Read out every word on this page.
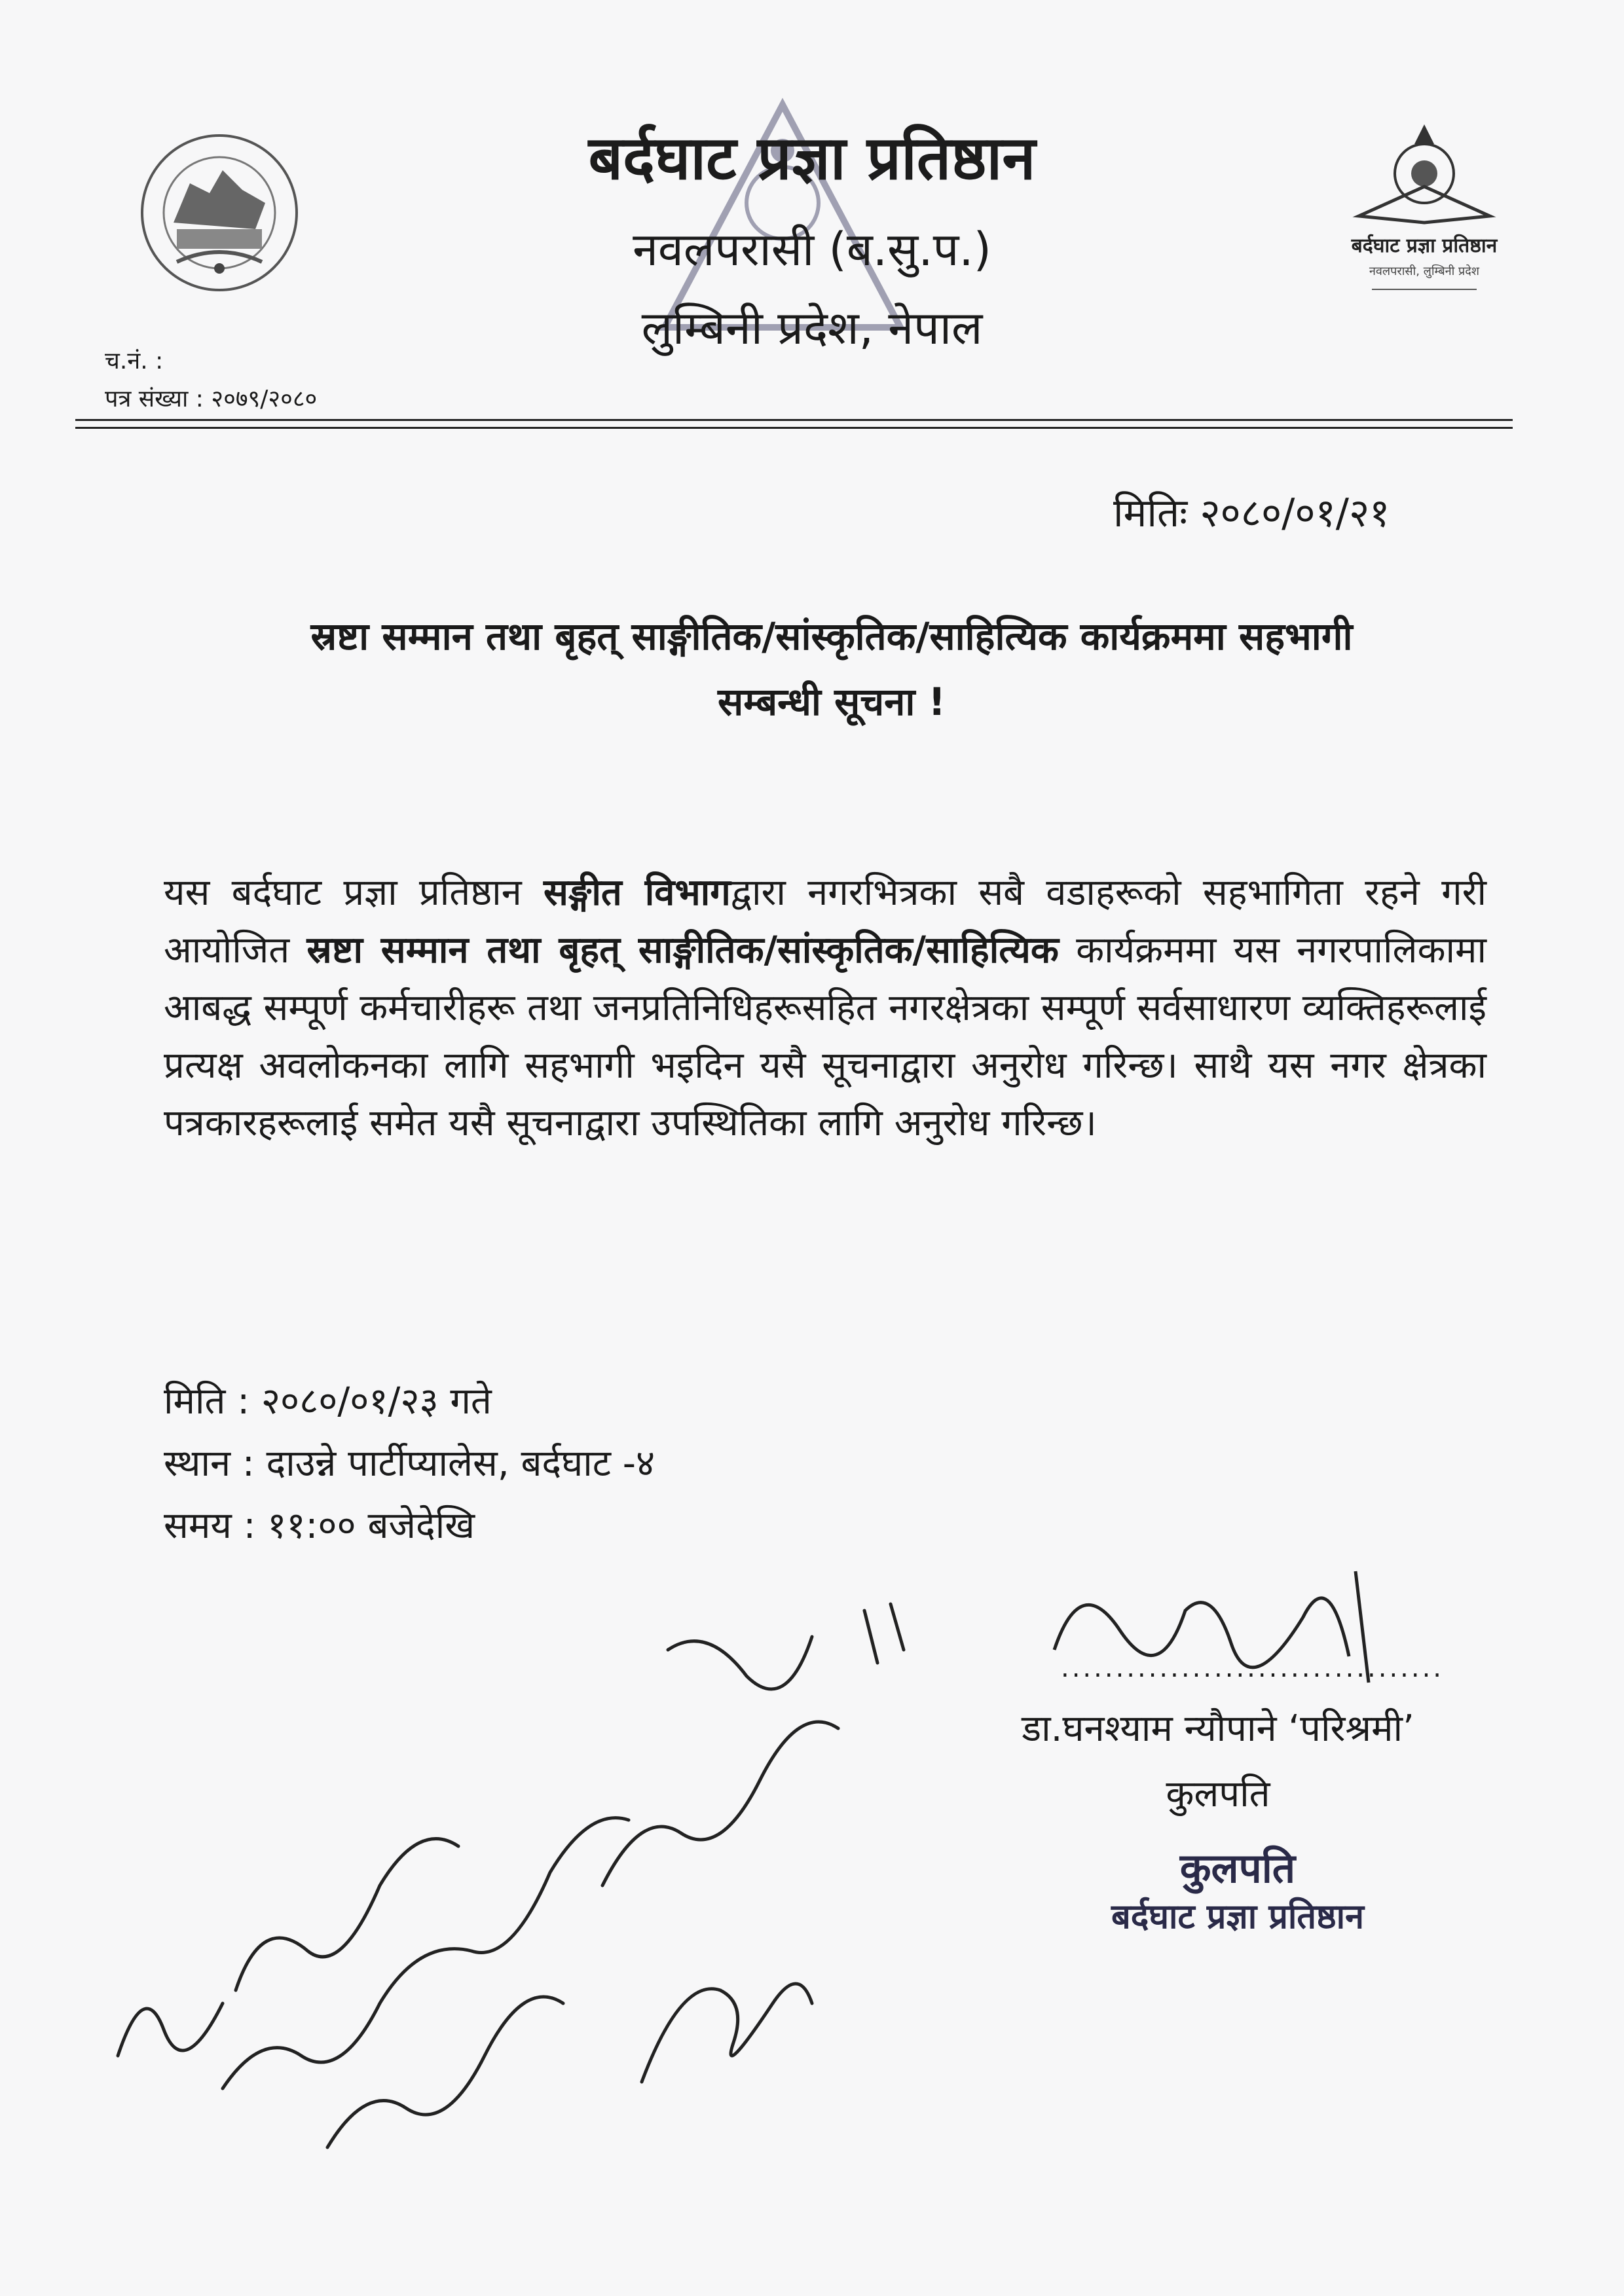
बर्दघाट प्रज्ञा प्रतिष्ठान
नवलपरासी, लुम्बिनी प्रदेश
बर्दघाट प्रज्ञा प्रतिष्ठान
नवलपरासी (ब.सु.प.)
लुम्बिनी प्रदेश, नेपाल
च.नं. :
पत्र संख्या : २०७९/२०८०
मितिः २०८०/०१/२१
स्रष्टा सम्मान तथा बृहत् साङ्गीतिक/सांस्कृतिक/साहित्यिक कार्यक्रममा सहभागी
सम्बन्धी सूचना !
यस बर्दघाट प्रज्ञा प्रतिष्ठान सङ्गीत विभागद्वारा नगरभित्रका सबै वडाहरूको सहभागिता रहने गरी आयोजित स्रष्टा सम्मान तथा बृहत् साङ्गीतिक/सांस्कृतिक/साहित्यिक कार्यक्रममा यस नगरपालिकामा आबद्ध सम्पूर्ण कर्मचारीहरू तथा जनप्रतिनिधिहरूसहित नगरक्षेत्रका सम्पूर्ण सर्वसाधारण व्यक्तिहरूलाई प्रत्यक्ष अवलोकनका लागि सहभागी भइदिन यसै सूचनाद्वारा अनुरोध गरिन्छ। साथै यस नगर क्षेत्रका पत्रकारहरूलाई समेत यसै सूचनाद्वारा उपस्थितिका लागि अनुरोध गरिन्छ।
मिति : २०८०/०१/२३ गते
स्थान : दाउन्ने पार्टीप्यालेस, बर्दघाट -४
समय : ११:०० बजेदेखि
...................................
डा.घनश्याम न्यौपाने ‘परिश्रमी’
कुलपति
कुलपति
बर्दघाट प्रज्ञा प्रतिष्ठान
